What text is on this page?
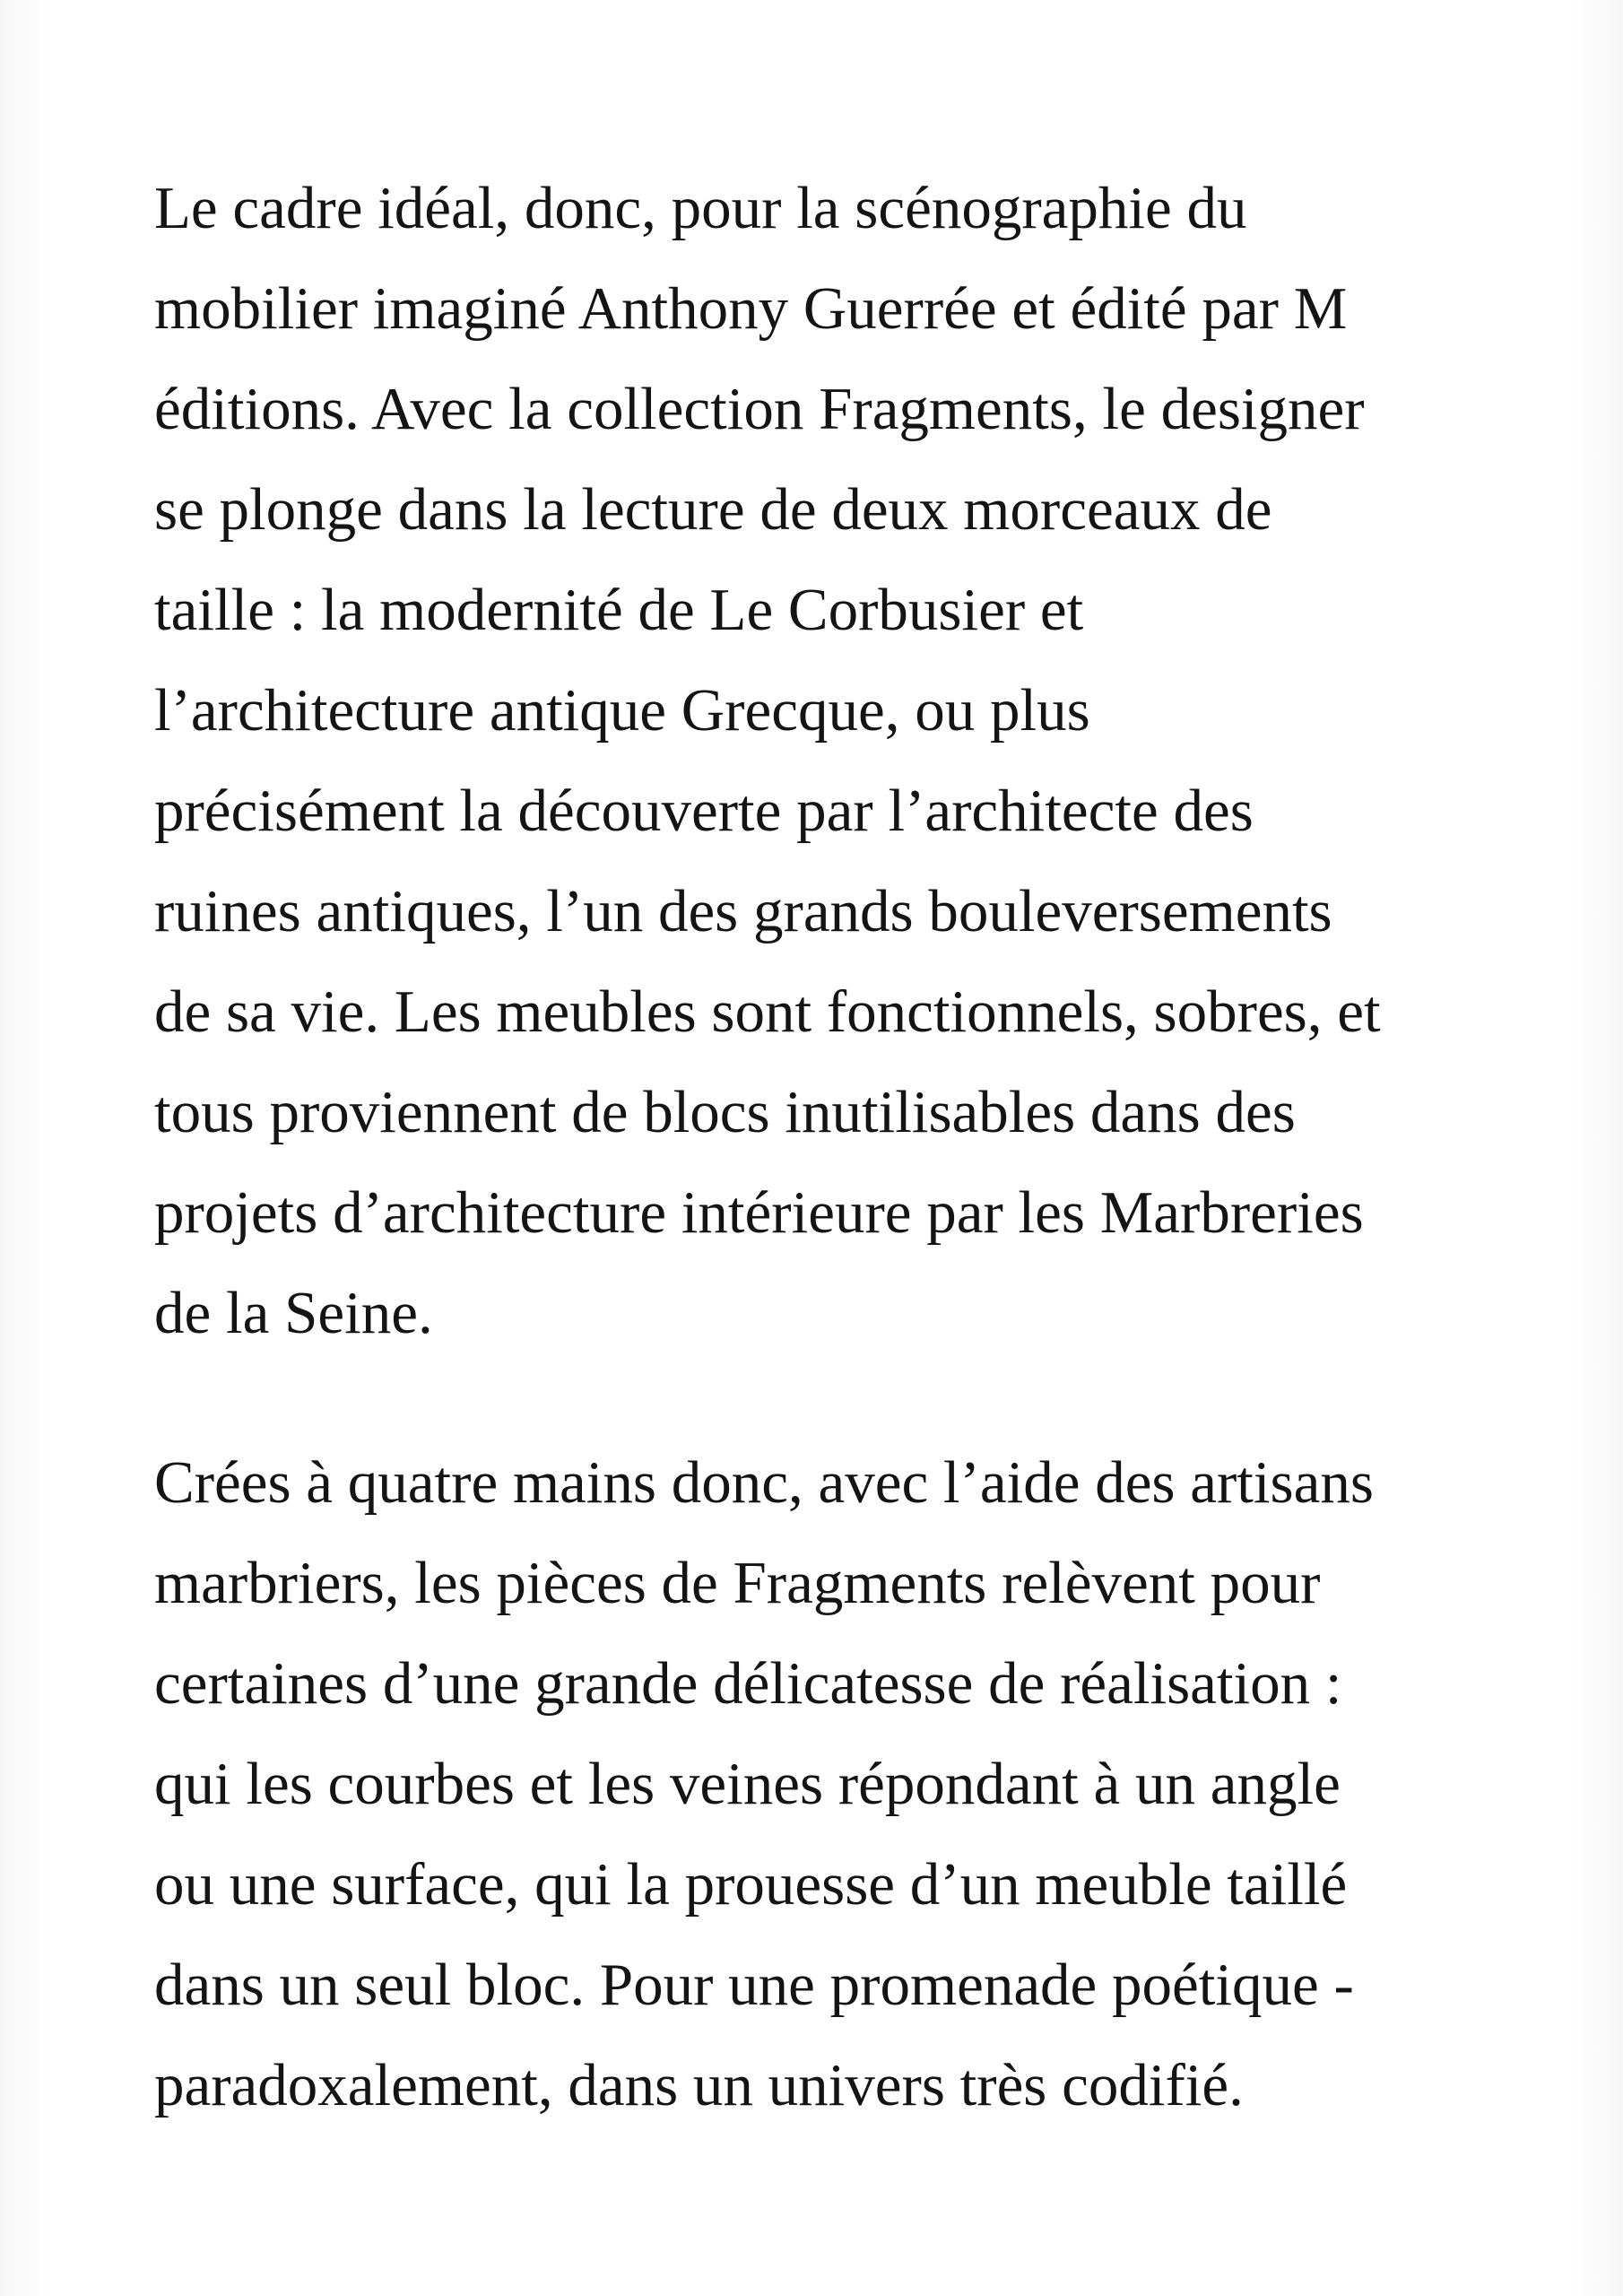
Le cadre idéal, donc, pour la scénographie du
mobilier imaginé Anthony Guerrée et édité par M
éditions. Avec la collection Fragments, le designer
se plonge dans la lecture de deux morceaux de
taille : la modernité de Le Corbusier et
l’architecture antique Grecque, ou plus
précisément la découverte par l’architecte des
ruines antiques, l’un des grands bouleversements
de sa vie. Les meubles sont fonctionnels, sobres, et
tous proviennent de blocs inutilisables dans des
projets d’architecture intérieure par les Marbreries
de la Seine.

Crées à quatre mains donc, avec l’aide des artisans
marbriers, les pièces de Fragments relèvent pour
certaines d’une grande délicatesse de réalisation :
qui les courbes et les veines répondant à un angle
ou une surface, qui la prouesse d’un meuble taillé
dans un seul bloc. Pour une promenade poétique -
paradoxalement, dans un univers très codifié.
